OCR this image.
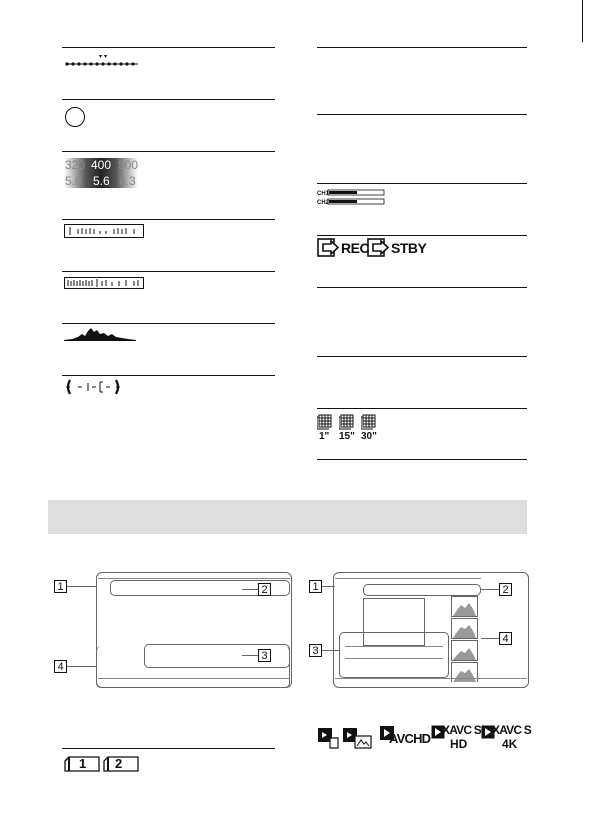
320 400 500
5.0 5.6 6.3
CH1
CH2
REC STBY
1" 15" 30"
1	2
3
4
1	2
3
4
1 2
AVCHD
XAVC S
HD
XAVC S
4K
